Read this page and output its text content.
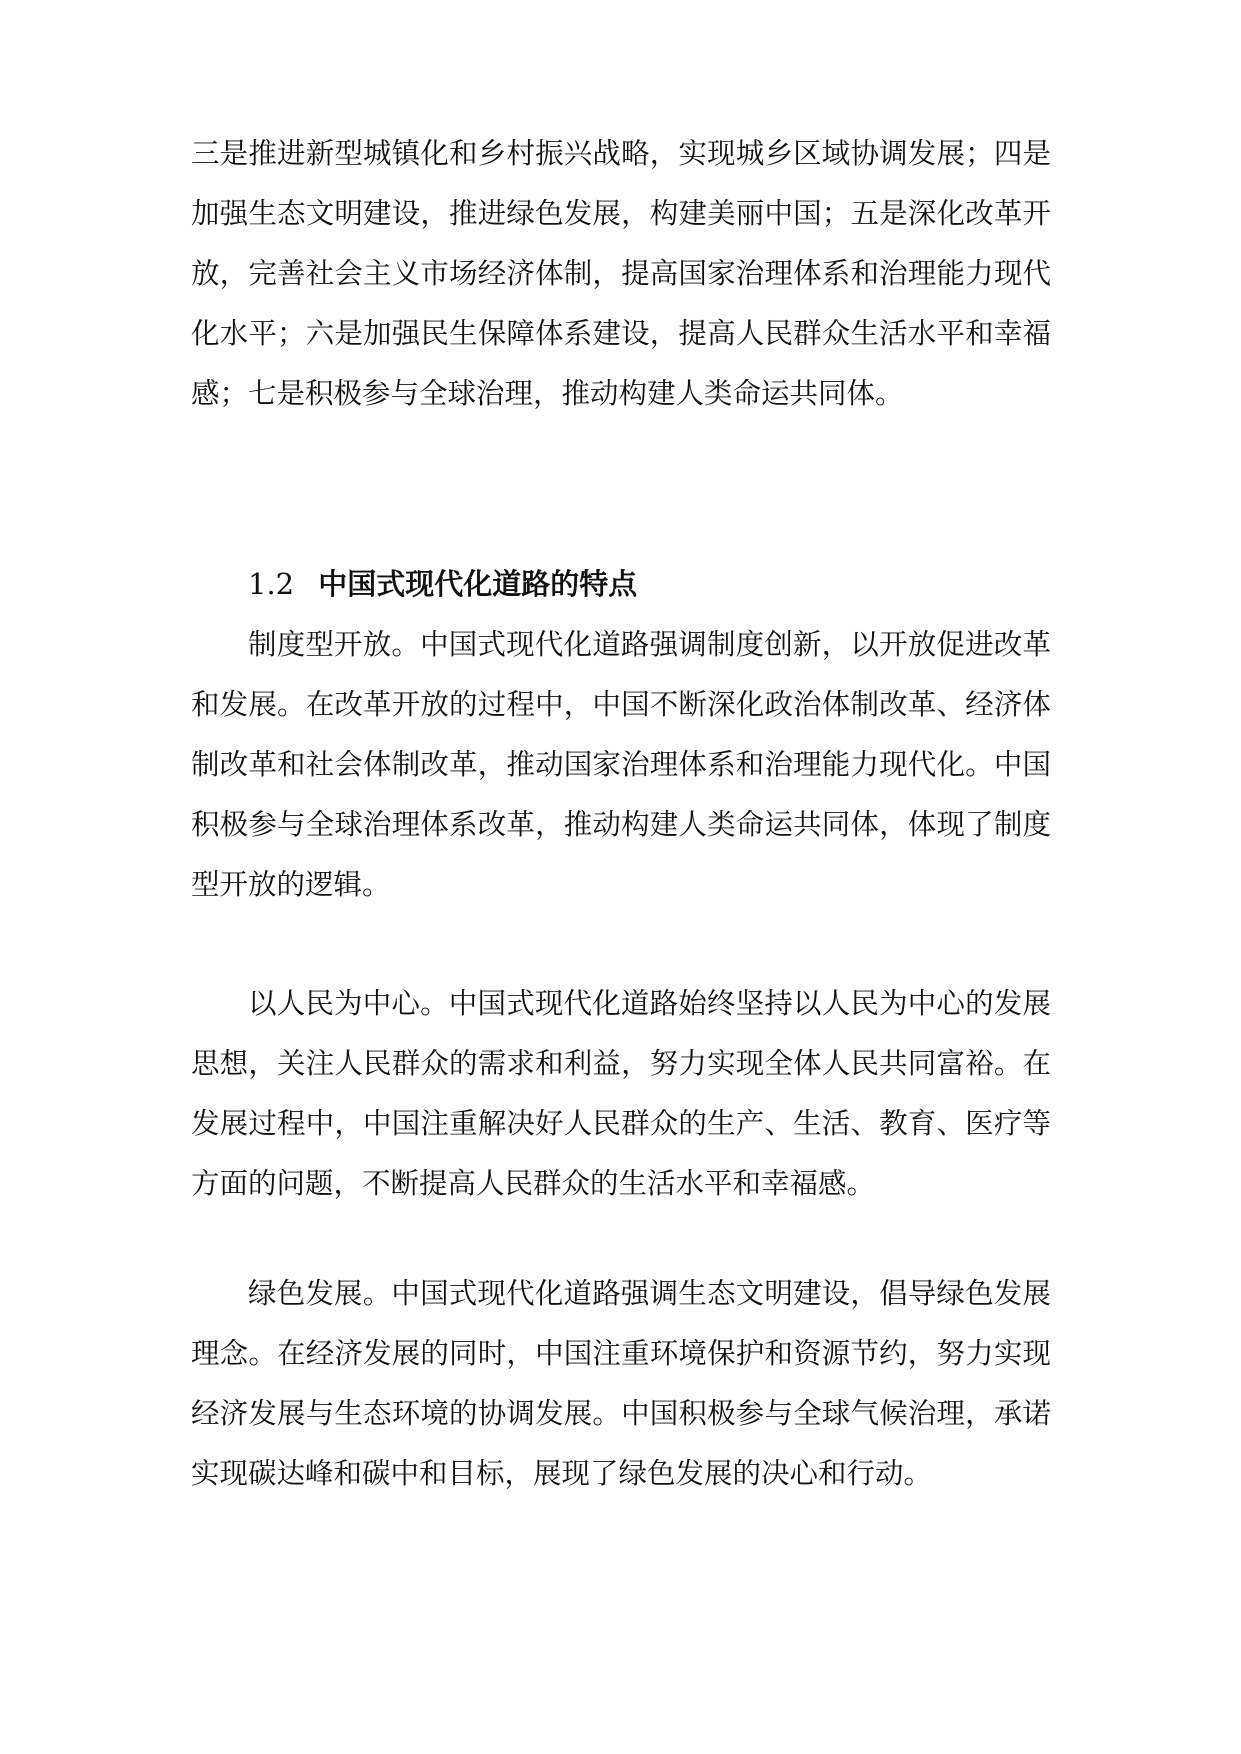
三是推进新型城镇化和乡村振兴战略，实现城乡区域协调发展；四是加强生态文明建设，推进绿色发展，构建美丽中国；五是深化改革开放，完善社会主义市场经济体制，提高国家治理体系和治理能力现代化水平；六是加强民生保障体系建设，提高人民群众生活水平和幸福感；七是积极参与全球治理，推动构建人类命运共同体。

1.2 中国式现代化道路的特点

制度型开放。中国式现代化道路强调制度创新，以开放促进改革和发展。在改革开放的过程中，中国不断深化政治体制改革、经济体制改革和社会体制改革，推动国家治理体系和治理能力现代化。中国积极参与全球治理体系改革，推动构建人类命运共同体，体现了制度型开放的逻辑。

以人民为中心。中国式现代化道路始终坚持以人民为中心的发展思想，关注人民群众的需求和利益，努力实现全体人民共同富裕。在发展过程中，中国注重解决好人民群众的生产、生活、教育、医疗等方面的问题，不断提高人民群众的生活水平和幸福感。

绿色发展。中国式现代化道路强调生态文明建设，倡导绿色发展理念。在经济发展的同时，中国注重环境保护和资源节约，努力实现经济发展与生态环境的协调发展。中国积极参与全球气候治理，承诺实现碳达峰和碳中和目标，展现了绿色发展的决心和行动。
